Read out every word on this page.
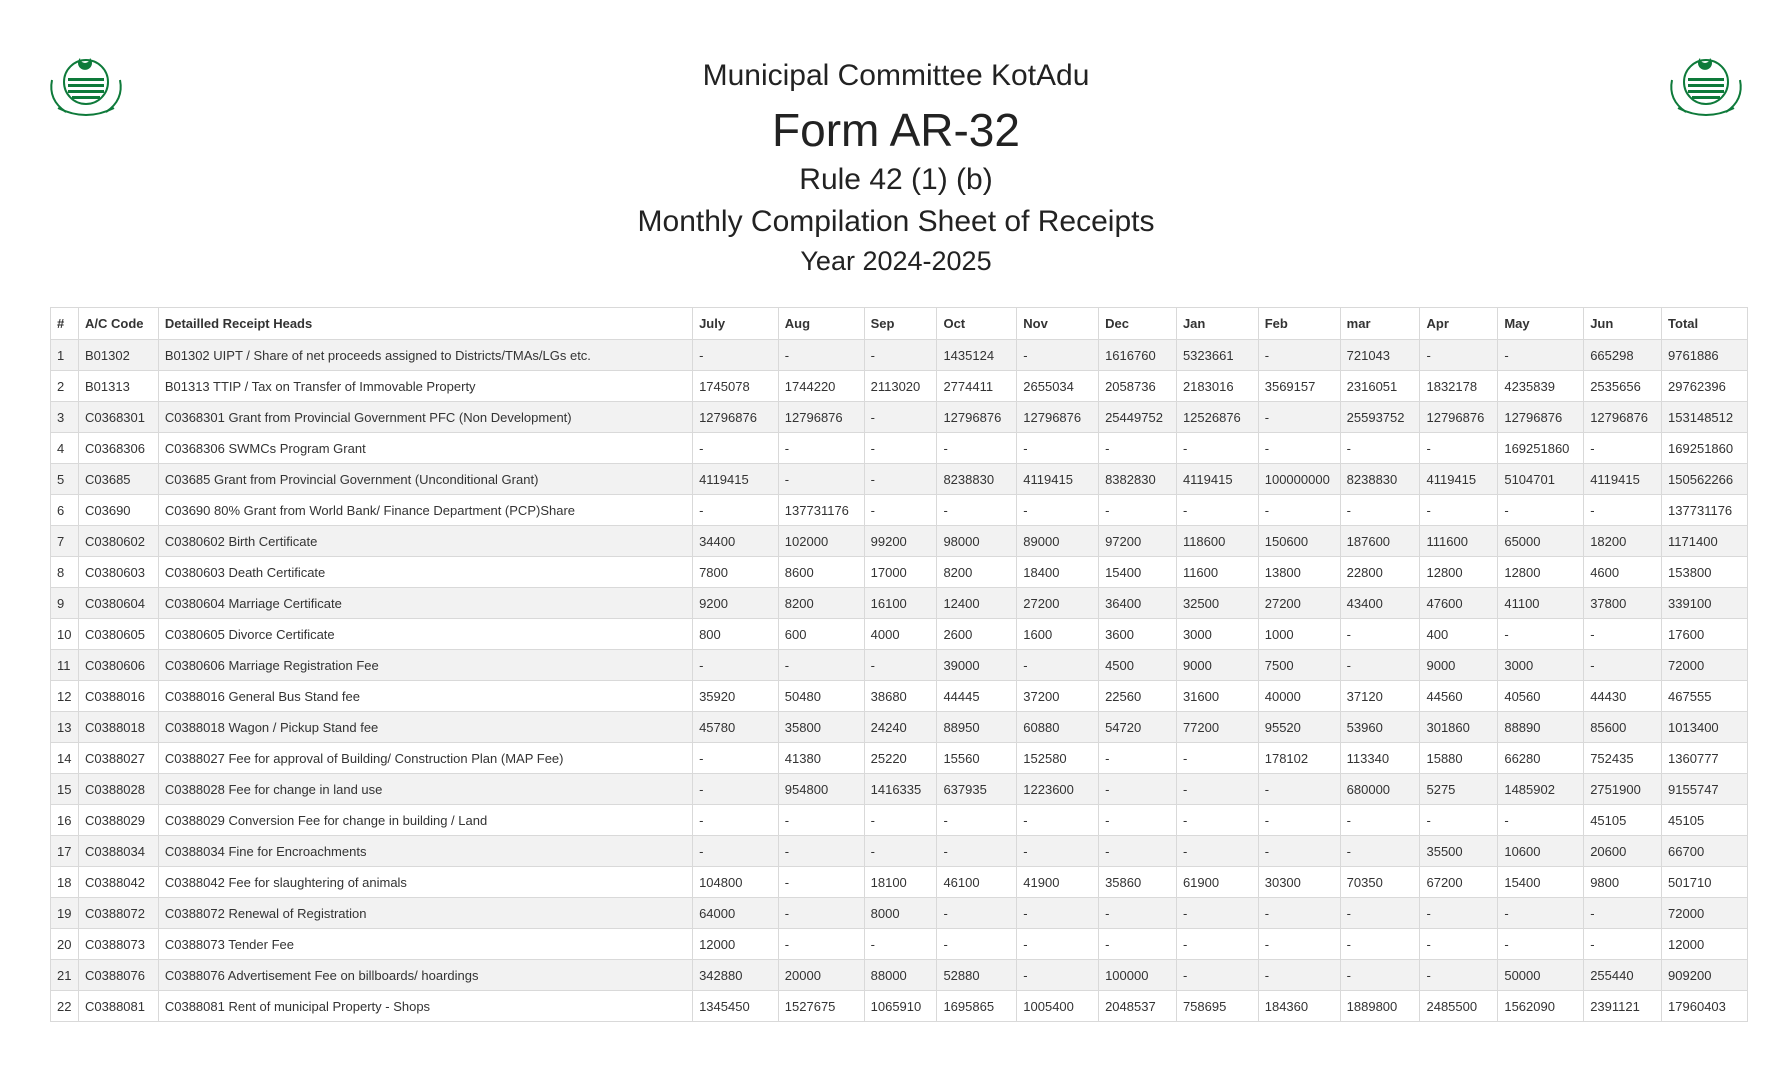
Municipal Committee KotAdu
Form AR-32
Rule 42 (1) (b)
Monthly Compilation Sheet of Receipts
Year 2024-2025
#	A/C Code	Detailled Receipt Heads	July	Aug	Sep	Oct	Nov	Dec	Jan	Feb	mar	Apr	May	Jun	Total
1	B01302	B01302 UIPT / Share of net proceeds assigned to Districts/TMAs/LGs etc.	-	-	-	1435124	-	1616760	5323661	-	721043	-	-	665298	9761886
2	B01313	B01313 TTIP / Tax on Transfer of Immovable Property	1745078	1744220	2113020	2774411	2655034	2058736	2183016	3569157	2316051	1832178	4235839	2535656	29762396
3	C0368301	C0368301 Grant from Provincial Government PFC (Non Development)	12796876	12796876	-	12796876	12796876	25449752	12526876	-	25593752	12796876	12796876	12796876	153148512
4	C0368306	C0368306 SWMCs Program Grant	-	-	-	-	-	-	-	-	-	-	169251860	-	169251860
5	C03685	C03685 Grant from Provincial Government (Unconditional Grant)	4119415	-	-	8238830	4119415	8382830	4119415	100000000	8238830	4119415	5104701	4119415	150562266
6	C03690	C03690 80% Grant from World Bank/ Finance Department (PCP)Share	-	137731176	-	-	-	-	-	-	-	-	-	-	137731176
7	C0380602	C0380602 Birth Certificate	34400	102000	99200	98000	89000	97200	118600	150600	187600	111600	65000	18200	1171400
8	C0380603	C0380603 Death Certificate	7800	8600	17000	8200	18400	15400	11600	13800	22800	12800	12800	4600	153800
9	C0380604	C0380604 Marriage Certificate	9200	8200	16100	12400	27200	36400	32500	27200	43400	47600	41100	37800	339100
10	C0380605	C0380605 Divorce Certificate	800	600	4000	2600	1600	3600	3000	1000	-	400	-	-	17600
11	C0380606	C0380606 Marriage Registration Fee	-	-	-	39000	-	4500	9000	7500	-	9000	3000	-	72000
12	C0388016	C0388016 General Bus Stand fee	35920	50480	38680	44445	37200	22560	31600	40000	37120	44560	40560	44430	467555
13	C0388018	C0388018 Wagon / Pickup Stand fee	45780	35800	24240	88950	60880	54720	77200	95520	53960	301860	88890	85600	1013400
14	C0388027	C0388027 Fee for approval of Building/ Construction Plan (MAP Fee)	-	41380	25220	15560	152580	-	-	178102	113340	15880	66280	752435	1360777
15	C0388028	C0388028 Fee for change in land use	-	954800	1416335	637935	1223600	-	-	-	680000	5275	1485902	2751900	9155747
16	C0388029	C0388029 Conversion Fee for change in building / Land	-	-	-	-	-	-	-	-	-	-	-	45105	45105
17	C0388034	C0388034 Fine for Encroachments	-	-	-	-	-	-	-	-	-	35500	10600	20600	66700
18	C0388042	C0388042 Fee for slaughtering of animals	104800	-	18100	46100	41900	35860	61900	30300	70350	67200	15400	9800	501710
19	C0388072	C0388072 Renewal of Registration	64000	-	8000	-	-	-	-	-	-	-	-	-	72000
20	C0388073	C0388073 Tender Fee	12000	-	-	-	-	-	-	-	-	-	-	-	12000
21	C0388076	C0388076 Advertisement Fee on billboards/ hoardings	342880	20000	88000	52880	-	100000	-	-	-	-	50000	255440	909200
22	C0388081	C0388081 Rent of municipal Property - Shops	1345450	1527675	1065910	1695865	1005400	2048537	758695	184360	1889800	2485500	1562090	2391121	17960403
